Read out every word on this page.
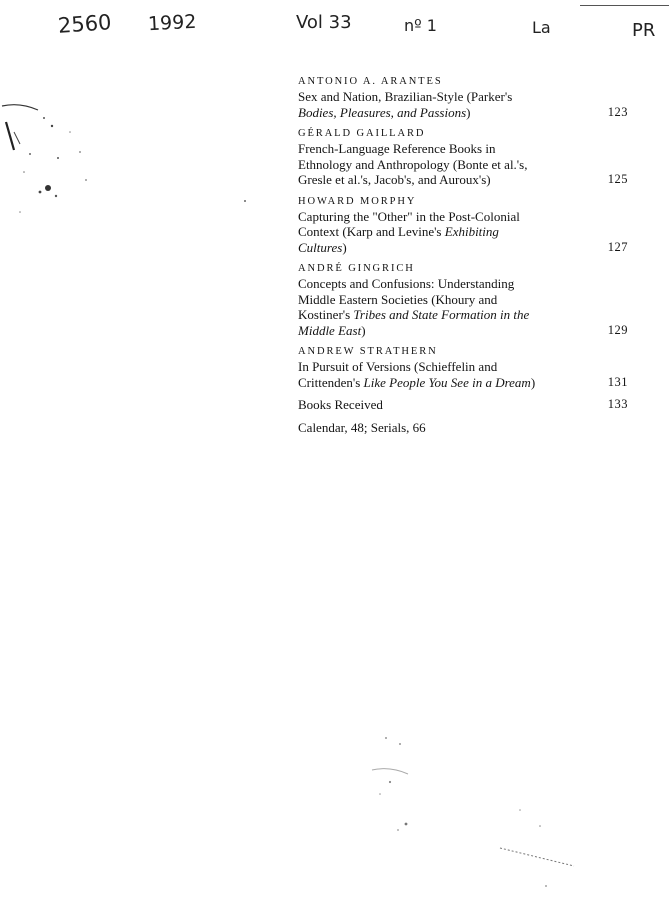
2560 1992	Vol 33	nº 1	La	PR
ANTONIO A. ARANTES
Sex and Nation, Brazilian-Style (Parker's
Bodies, Pleasures, and Passions)	123
GÉRALD GAILLARD
French-Language Reference Books in
Ethnology and Anthropology (Bonte et al.'s,
Gresle et al.'s, Jacob's, and Auroux's)	125
HOWARD MORPHY
Capturing the "Other" in the Post-Colonial
Context (Karp and Levine's Exhibiting
Cultures)	127
ANDRÉ GINGRICH
Concepts and Confusions: Understanding
Middle Eastern Societies (Khoury and
Kostiner's Tribes and State Formation in the
Middle East)	129
ANDREW STRATHERN
In Pursuit of Versions (Schieffelin and
Crittenden's Like People You See in a Dream)	131
Books Received	133
Calendar, 48; Serials, 66
